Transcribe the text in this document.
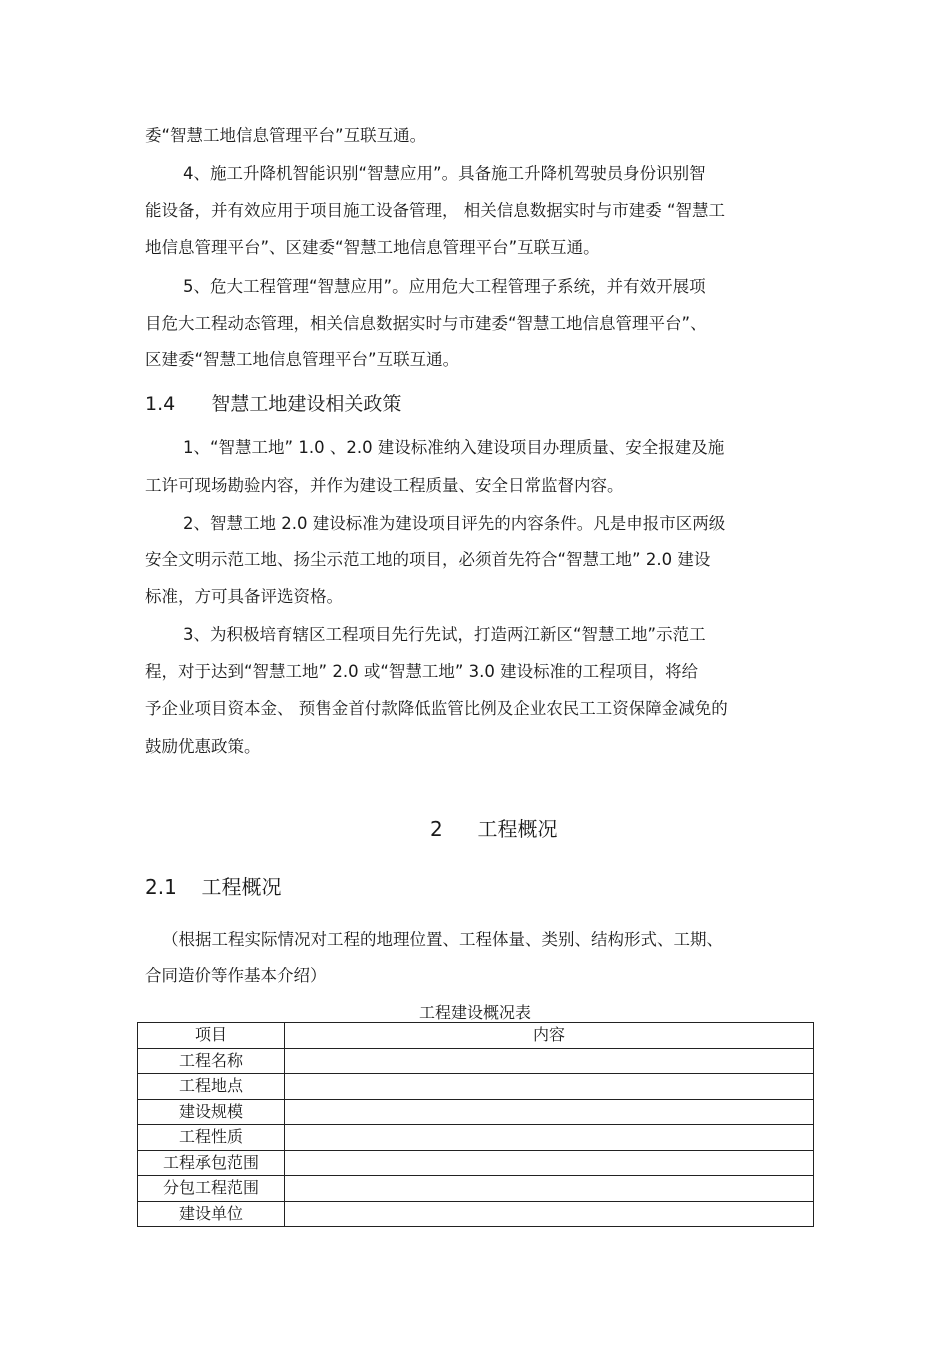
委“智慧工地信息管理平台”互联互通。
4、施工升降机智能识别“智慧应用”。具备施工升降机驾驶员身份识别智
能设备，并有效应用于项目施工设备管理， 相关信息数据实时与市建委 “智慧工
地信息管理平台”、区建委“智慧工地信息管理平台”互联互通。
5、危大工程管理“智慧应用”。应用危大工程管理子系统，并有效开展项
目危大工程动态管理，相关信息数据实时与市建委“智慧工地信息管理平台”、
区建委“智慧工地信息管理平台”互联互通。
1.4 智慧工地建设相关政策
1、“智慧工地” 1.0 、2.0 建设标准纳入建设项目办理质量、安全报建及施
工许可现场勘验内容，并作为建设工程质量、安全日常监督内容。
2、智慧工地 2.0 建设标准为建设项目评先的内容条件。凡是申报市区两级
安全文明示范工地、扬尘示范工地的项目，必须首先符合“智慧工地” 2.0 建设
标准，方可具备评选资格。
3、为积极培育辖区工程项目先行先试，打造两江新区“智慧工地”示范工
程，对于达到“智慧工地” 2.0 或“智慧工地” 3.0 建设标准的工程项目，将给
予企业项目资本金、 预售金首付款降低监管比例及企业农民工工资保障金减免的
鼓励优惠政策。
2 工程概况
2.1 工程概况
（根据工程实际情况对工程的地理位置、工程体量、类别、结构形式、工期、
合同造价等作基本介绍）
工程建设概况表
项目	内容
工程名称	
工程地点	
建设规模	
工程性质	
工程承包范围	
分包工程范围	
建设单位	
